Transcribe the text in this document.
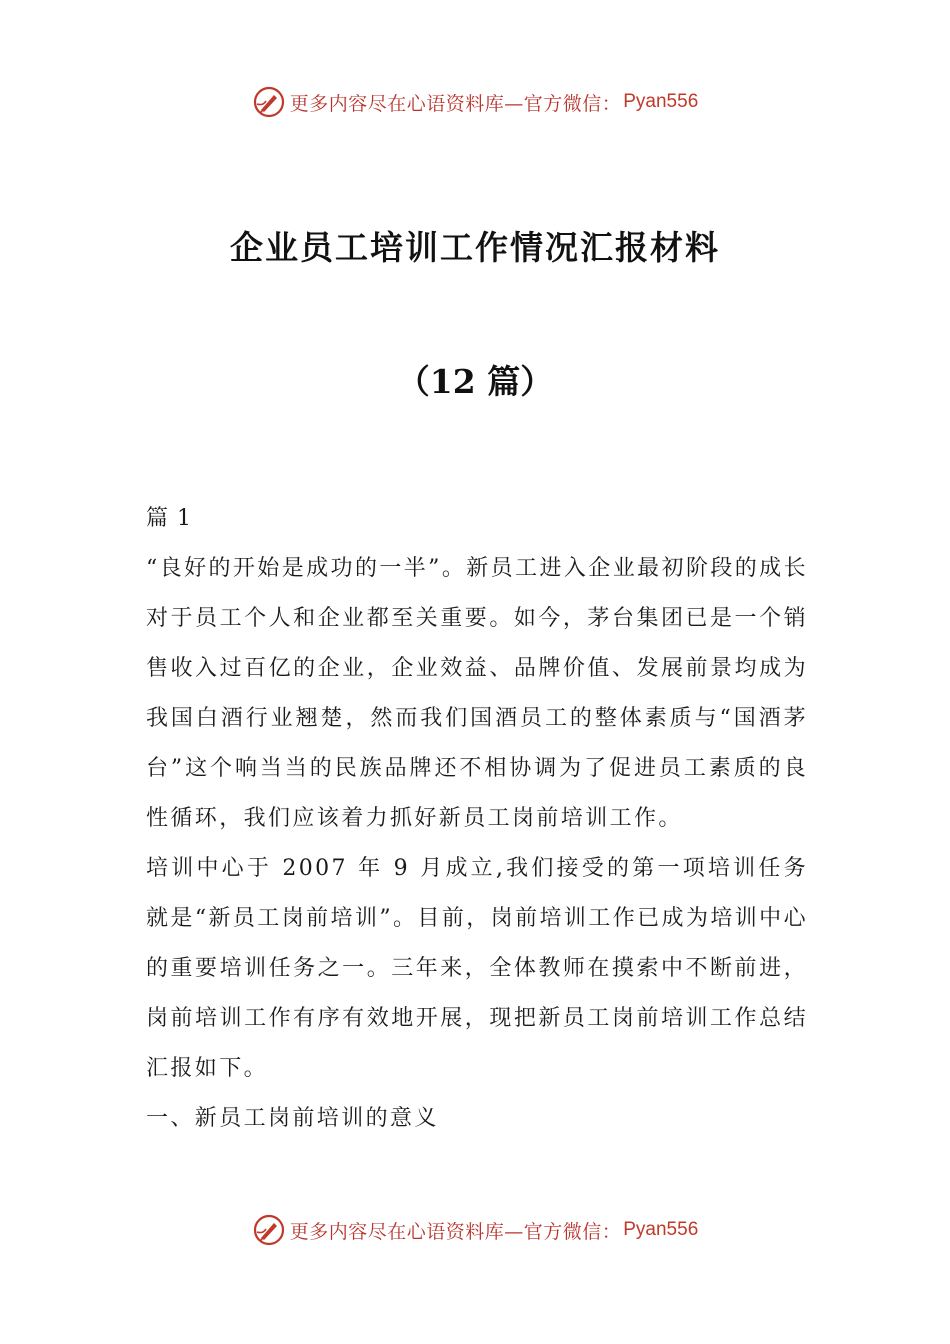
更多内容尽在心语资料库—官方微信： Pyan556
企业员工培训工作情况汇报材料
（12 篇）

篇 1

“良好的开始是成功的一半”。新员工进入企业最初阶段的成长对于员工个人和企业都至关重要。如今，茅台集团已是一个销售收入过百亿的企业，企业效益、品牌价值、发展前景均成为我国白酒行业翘楚，然而我们国酒员工的整体素质与“国酒茅台”这个响当当的民族品牌还不相协调为了促进员工素质的良性循环，我们应该着力抓好新员工岗前培训工作。

培训中心于 2007 年 9 月成立,我们接受的第一项培训任务就是“新员工岗前培训”。目前，岗前培训工作已成为培训中心的重要培训任务之一。三年来，全体教师在摸索中不断前进，岗前培训工作有序有效地开展，现把新员工岗前培训工作总结汇报如下。

一、新员工岗前培训的意义

更多内容尽在心语资料库—官方微信： Pyan556
